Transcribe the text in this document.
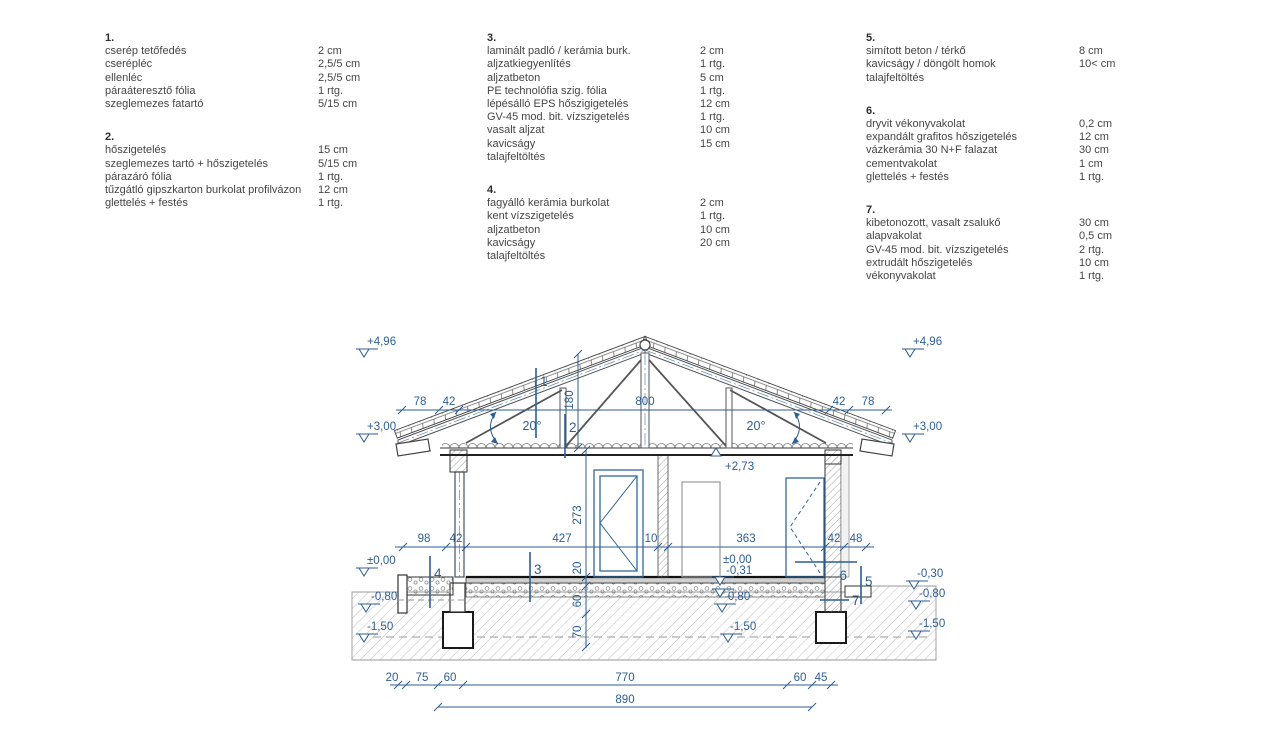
1.
cserép tetőfedés	2 cm
cserépléc	2,5/5 cm
ellenléc	2,5/5 cm
páraáteresztő fólia	1 rtg.
szeglemezes fatartó	5/15 cm
2.
hőszigetelés	15 cm
szeglemezes tartó + hőszigetelés	5/15 cm
párazáró fólia	1 rtg.
tűzgátló gipszkarton burkolat profilvázon	12 cm
glettelés + festés	1 rtg.
3.
laminált padló / kerámia burk.	2 cm
aljzatkiegyenlítés	1 rtg.
aljzatbeton	5 cm
PE technolófia szig. fólia	1 rtg.
lépésálló EPS hőszigigetelés	12 cm
GV-45 mod. bit. vízszigetelés	1 rtg.
vasalt aljzat	10 cm
kavicságy	15 cm
talajfeltöltés
4.
fagyálló kerámia burkolat	2 cm
kent vízszigetelés	1 rtg.
aljzatbeton	10 cm
kavicságy	20 cm
talajfeltöltés
5.
simított beton / térkő	8 cm
kavicságy / döngölt homok	10< cm
talajfeltöltés
6.
dryvit vékonyvakolat	0,2 cm
expandált grafitos hőszigetelés	12 cm
vázkerámia 30 N+F falazat	30 cm
cementvakolat	1 cm
glettelés + festés	1 rtg.
7.
kibetonozott, vasalt zsalukő	30 cm
alapvakolat	0,5 cm
GV-45 mod. bit. vízszigetelés	2 rtg.
extrudált hőszigetelés	10 cm
vékonyvakolat	1 rtg.
78 42	800	42 78
98 42	427	10	363	42 48
20 75 60	770	60 45
890
180
273
20
60
70
20°	20°
+4,96
+3,00
±0,00
-0,80
-1,50
+4,96
+3,00
-0,30
-0,80
-1,50
+2,73
±0,00
-0,31
-0,80
-1,50
1
2
3
4
5
6
7
